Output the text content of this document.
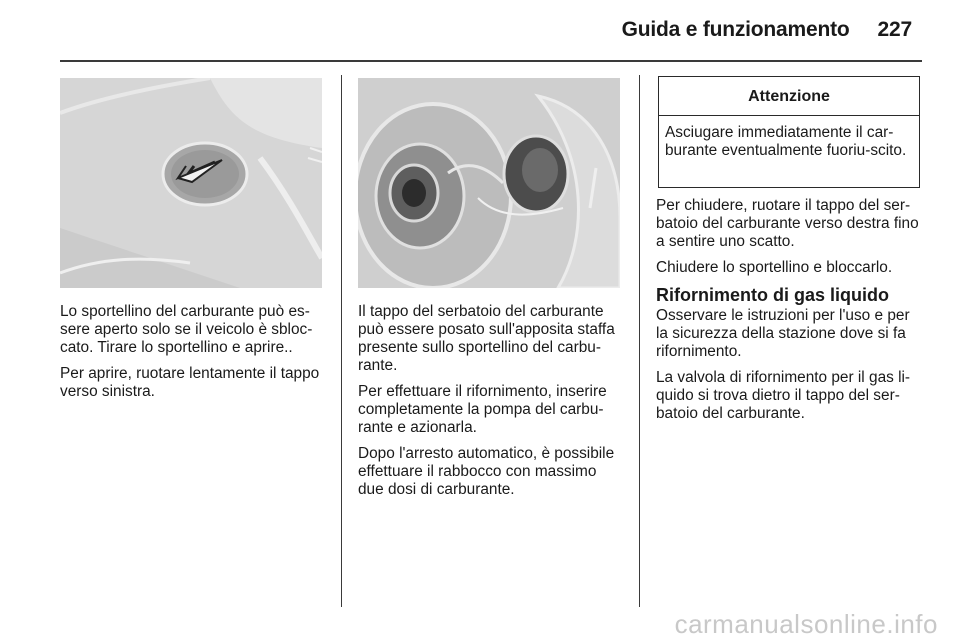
Guida e funzionamento 227

Lo sportellino del carburante può es-sere aperto solo se il veicolo è sbloc-cato. Tirare lo sportellino e aprire..

Per aprire, ruotare lentamente il tappo verso sinistra.

Il tappo del serbatoio del carburante può essere posato sull'apposita staffa presente sullo sportellino del carbu-rante.

Per effettuare il rifornimento, inserire completamente la pompa del carbu-rante e azionarla.

Dopo l'arresto automatico, è possibile effettuare il rabbocco con massimo due dosi di carburante.

Attenzione
Asciugare immediatamente il car-burante eventualmente fuoriu-scito.

Per chiudere, ruotare il tappo del ser-batoio del carburante verso destra fino a sentire uno scatto.

Chiudere lo sportellino e bloccarlo.

Rifornimento di gas liquido

Osservare le istruzioni per l'uso e per la sicurezza della stazione dove si fa rifornimento.

La valvola di rifornimento per il gas li-quido si trova dietro il tappo del ser-batoio del carburante.

carmanualsonline.info
